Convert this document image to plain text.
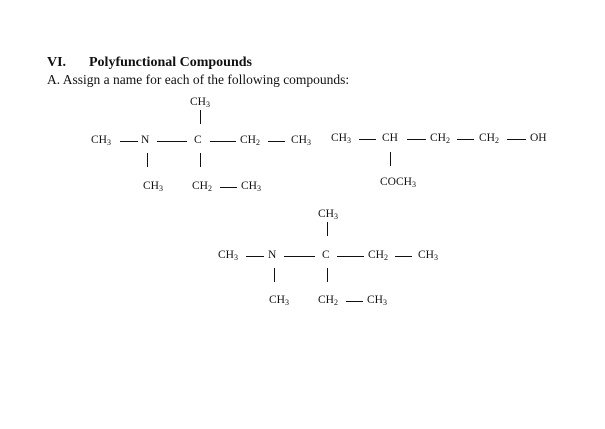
VI. Polyfunctional Compounds
A. Assign a name for each of the following compounds:
$CH_3$
$CH_3$	N	C	$CH_2$	$CH_3$
$CH_3$	$CH_2$	$CH_3$
$CH_3$	CH	$CH_2$	$CH_2$	OH
$COCH_3$
$CH_3$
$CH_3$	N	C	$CH_2$	$CH_3$
$CH_3$	$CH_2$	$CH_3$
